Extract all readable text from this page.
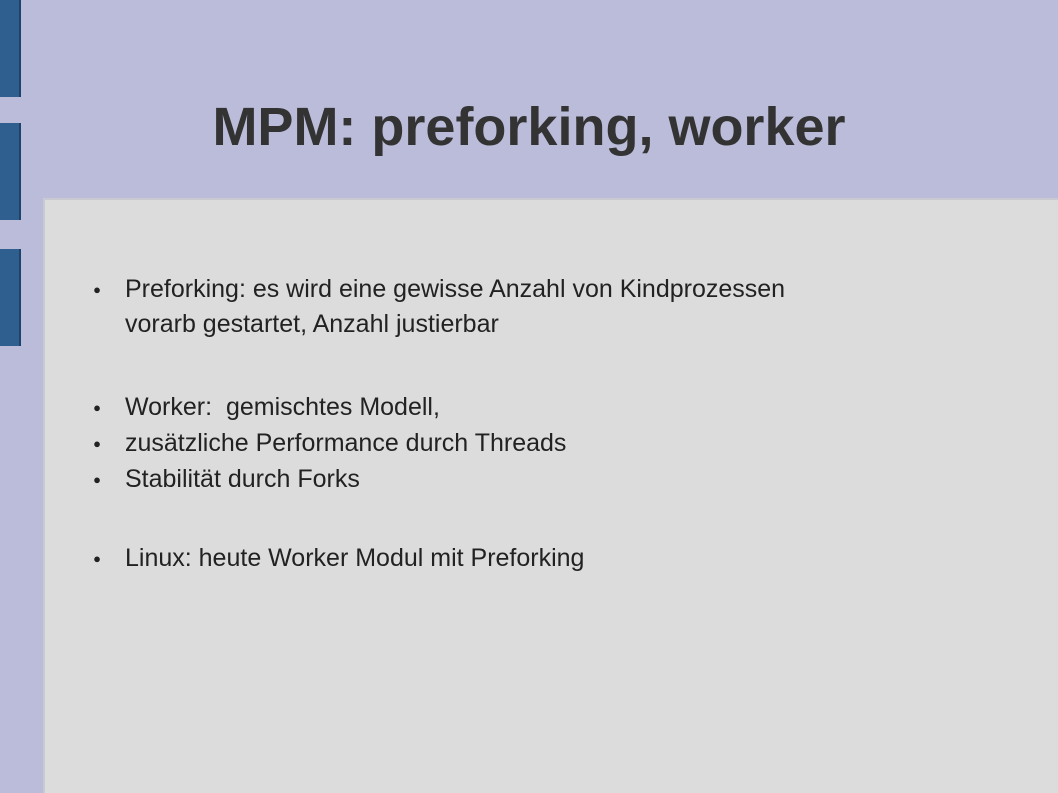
MPM: preforking, worker
● Preforking: es wird eine gewisse Anzahl von Kindprozessen
vorarb gestartet, Anzahl justierbar
● Worker:  gemischtes Modell,
● zusätzliche Performance durch Threads
● Stabilität durch Forks
● Linux: heute Worker Modul mit Preforking
